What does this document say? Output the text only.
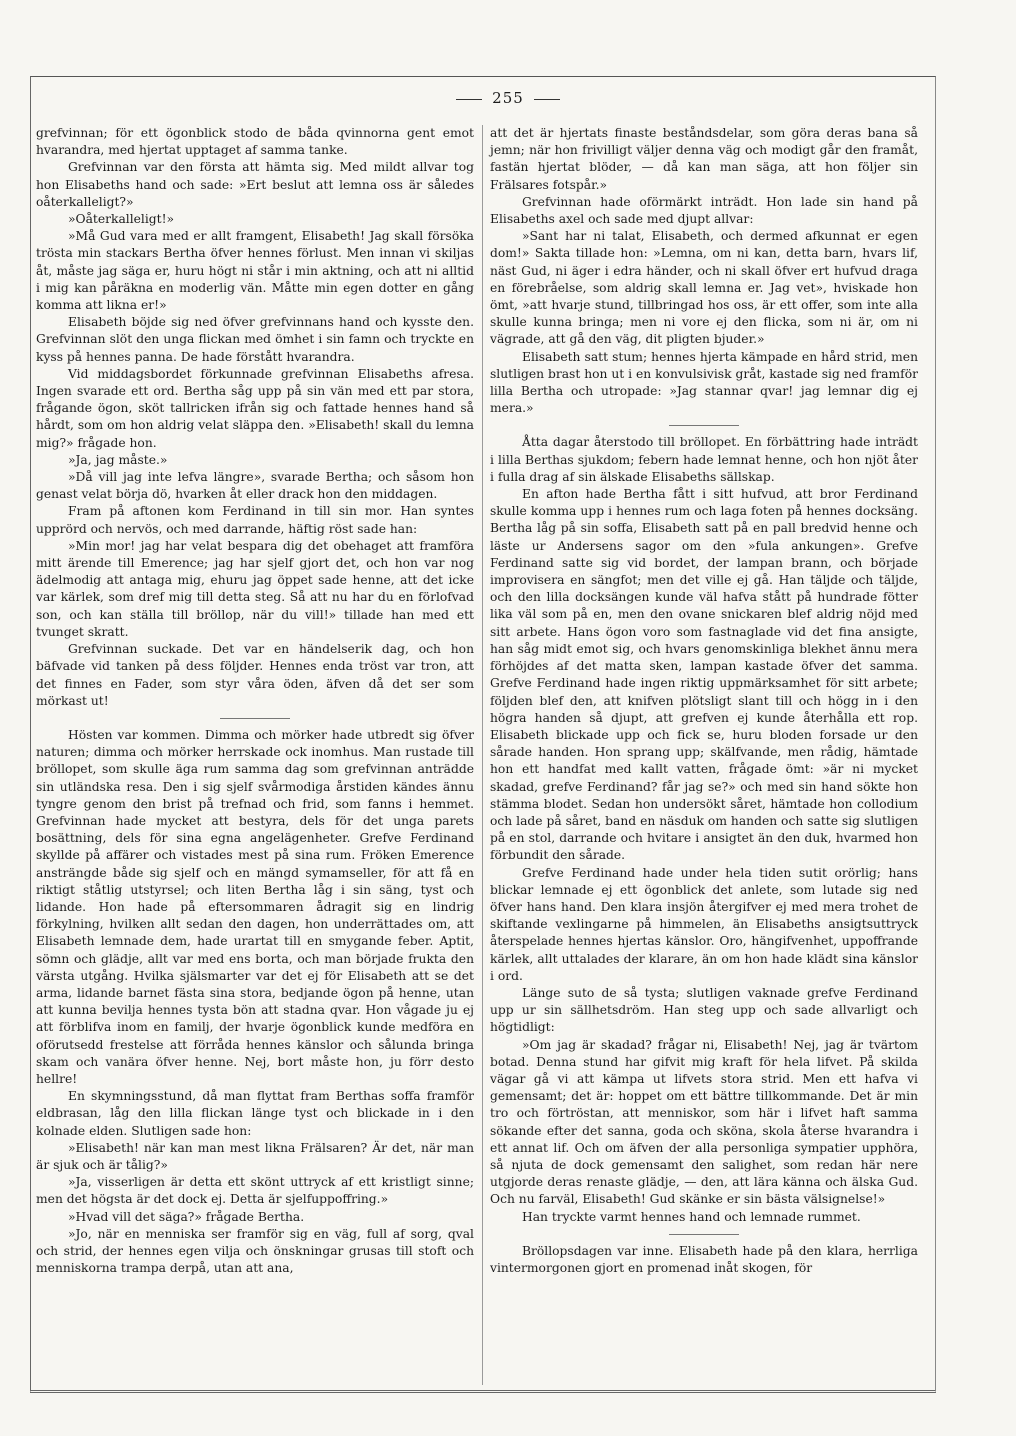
255

grefvinnan; för ett ögonblick stodo de båda qvinnorna gent emot hvarandra, med hjertat upptaget af samma tanke.

Grefvinnan var den första att hämta sig. Med mildt allvar tog hon Elisabeths hand och sade: »Ert beslut att lemna oss är således oåterkalleligt?»

»Oåterkalleligt!»

»Må Gud vara med er allt framgent, Elisabeth! Jag skall försöka trösta min stackars Bertha öfver hennes förlust. Men innan vi skiljas åt, måste jag säga er, huru högt ni står i min aktning, och att ni alltid i mig kan påräkna en moderlig vän. Måtte min egen dotter en gång komma att likna er!»

Elisabeth böjde sig ned öfver grefvinnans hand och kysste den. Grefvinnan slöt den unga flickan med ömhet i sin famn och tryckte en kyss på hennes panna. De hade förstått hvarandra.

Vid middagsbordet förkunnade grefvinnan Elisabeths afresa. Ingen svarade ett ord. Bertha såg upp på sin vän med ett par stora, frågande ögon, sköt tallricken ifrån sig och fattade hennes hand så hårdt, som om hon aldrig velat släppa den. »Elisabeth! skall du lemna mig?» frågade hon.

»Ja, jag måste.»

»Då vill jag inte lefva längre», svarade Bertha; och såsom hon genast velat börja dö, hvarken åt eller drack hon den middagen.

Fram på aftonen kom Ferdinand in till sin mor. Han syntes upprörd och nervös, och med darrande, häftig röst sade han:

»Min mor! jag har velat bespara dig det obehaget att framföra mitt ärende till Emerence; jag har sjelf gjort det, och hon var nog ädelmodig att antaga mig, ehuru jag öppet sade henne, att det icke var kärlek, som dref mig till detta steg. Så att nu har du en förlofvad son, och kan ställa till bröllop, när du vill!» tillade han med ett tvunget skratt.

Grefvinnan suckade. Det var en händelserik dag, och hon bäfvade vid tanken på dess följder. Hennes enda tröst var tron, att det finnes en Fader, som styr våra öden, äfven då det ser som mörkast ut!

Hösten var kommen. Dimma och mörker hade utbredt sig öfver naturen; dimma och mörker herrskade ock inomhus. Man rustade till bröllopet, som skulle äga rum samma dag som grefvinnan anträdde sin utländska resa. Den i sig sjelf svårmodiga årstiden kändes ännu tyngre genom den brist på trefnad och frid, som fanns i hemmet. Grefvinnan hade mycket att bestyra, dels för det unga parets bosättning, dels för sina egna angelägenheter. Grefve Ferdinand skyllde på affärer och vistades mest på sina rum. Fröken Emerence ansträngde både sig sjelf och en mängd symamseller, för att få en riktigt ståtlig utstyrsel; och liten Bertha låg i sin säng, tyst och lidande. Hon hade på eftersommaren ådragit sig en lindrig förkylning, hvilken allt sedan den dagen, hon underrättades om, att Elisabeth lemnade dem, hade urartat till en smygande feber. Aptit, sömn och glädje, allt var med ens borta, och man började frukta den värsta utgång. Hvilka själsmarter var det ej för Elisabeth att se det arma, lidande barnet fästa sina stora, bedjande ögon på henne, utan att kunna bevilja hennes tysta bön att stadna qvar. Hon vågade ju ej att förblifva inom en familj, der hvarje ögonblick kunde medföra en oförutsedd frestelse att förråda hennes känslor och sålunda bringa skam och vanära öfver henne. Nej, bort måste hon, ju förr desto hellre!

En skymningsstund, då man flyttat fram Berthas soffa framför eldbrasan, låg den lilla flickan länge tyst och blickade in i den kolnade elden. Slutligen sade hon:

»Elisabeth! när kan man mest likna Frälsaren? Är det, när man är sjuk och är tålig?»

»Ja, visserligen är detta ett skönt uttryck af ett kristligt sinne; men det högsta är det dock ej. Detta är sjelfuppoffring.»

»Hvad vill det säga?» frågade Bertha.

»Jo, när en menniska ser framför sig en väg, full af sorg, qval och strid, der hennes egen vilja och önskningar grusas till stoft och menniskorna trampa derpå, utan att ana,

att det är hjertats finaste beståndsdelar, som göra deras bana så jemn; när hon frivilligt väljer denna väg och modigt går den framåt, fastän hjertat blöder, — då kan man säga, att hon följer sin Frälsares fotspår.»

Grefvinnan hade oförmärkt inträdt. Hon lade sin hand på Elisabeths axel och sade med djupt allvar:

»Sant har ni talat, Elisabeth, och dermed afkunnat er egen dom!» Sakta tillade hon: »Lemna, om ni kan, detta barn, hvars lif, näst Gud, ni äger i edra händer, och ni skall öfver ert hufvud draga en förebråelse, som aldrig skall lemna er. Jag vet», hviskade hon ömt, »att hvarje stund, tillbringad hos oss, är ett offer, som inte alla skulle kunna bringa; men ni vore ej den flicka, som ni är, om ni vägrade, att gå den väg, dit pligten bjuder.»

Elisabeth satt stum; hennes hjerta kämpade en hård strid, men slutligen brast hon ut i en konvulsivisk gråt, kastade sig ned framför lilla Bertha och utropade: »Jag stannar qvar! jag lemnar dig ej mera.»

Åtta dagar återstodo till bröllopet. En förbättring hade inträdt i lilla Berthas sjukdom; febern hade lemnat henne, och hon njöt åter i fulla drag af sin älskade Elisabeths sällskap.

En afton hade Bertha fått i sitt hufvud, att bror Ferdinand skulle komma upp i hennes rum och laga foten på hennes docksäng. Bertha låg på sin soffa, Elisabeth satt på en pall bredvid henne och läste ur Andersens sagor om den »fula ankungen». Grefve Ferdinand satte sig vid bordet, der lampan brann, och började improvisera en sängfot; men det ville ej gå. Han täljde och täljde, och den lilla docksängen kunde väl hafva stått på hundrade fötter lika väl som på en, men den ovane snickaren blef aldrig nöjd med sitt arbete. Hans ögon voro som fastnaglade vid det fina ansigte, han såg midt emot sig, och hvars genomskinliga blekhet ännu mera förhöjdes af det matta sken, lampan kastade öfver det samma. Grefve Ferdinand hade ingen riktig uppmärksamhet för sitt arbete; följden blef den, att knifven plötsligt slant till och högg in i den högra handen så djupt, att grefven ej kunde återhålla ett rop. Elisabeth blickade upp och fick se, huru bloden forsade ur den sårade handen. Hon sprang upp; skälfvande, men rådig, hämtade hon ett handfat med kallt vatten, frågade ömt: »är ni mycket skadad, grefve Ferdinand? får jag se?» och med sin hand sökte hon stämma blodet. Sedan hon undersökt såret, hämtade hon collodium och lade på såret, band en näsduk om handen och satte sig slutligen på en stol, darrande och hvitare i ansigtet än den duk, hvarmed hon förbundit den sårade.

Grefve Ferdinand hade under hela tiden sutit orörlig; hans blickar lemnade ej ett ögonblick det anlete, som lutade sig ned öfver hans hand. Den klara insjön återgifver ej med mera trohet de skiftande vexlingarne på himmelen, än Elisabeths ansigtsuttryck återspelade hennes hjertas känslor. Oro, hängifvenhet, uppoffrande kärlek, allt uttalades der klarare, än om hon hade klädt sina känslor i ord.

Länge suto de så tysta; slutligen vaknade grefve Ferdinand upp ur sin sällhetsdröm. Han steg upp och sade allvarligt och högtidligt:

»Om jag är skadad? frågar ni, Elisabeth! Nej, jag är tvärtom botad. Denna stund har gifvit mig kraft för hela lifvet. På skilda vägar gå vi att kämpa ut lifvets stora strid. Men ett hafva vi gemensamt; det är: hoppet om ett bättre tillkommande. Det är min tro och förtröstan, att menniskor, som här i lifvet haft samma sökande efter det sanna, goda och sköna, skola återse hvarandra i ett annat lif. Och om äfven der alla personliga sympatier upphöra, så njuta de dock gemensamt den salighet, som redan här nere utgjorde deras renaste glädje, — den, att lära känna och älska Gud. Och nu farväl, Elisabeth! Gud skänke er sin bästa välsignelse!»

Han tryckte varmt hennes hand och lemnade rummet.

Bröllopsdagen var inne. Elisabeth hade på den klara, herrliga vintermorgonen gjort en promenad inåt skogen, för
